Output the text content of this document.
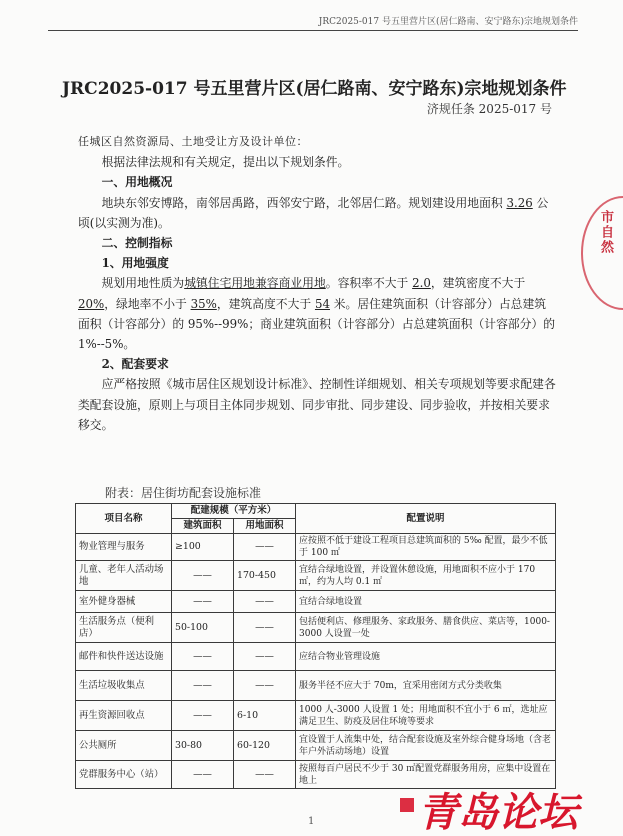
JRC2025-017 号五里营片区(居仁路南、安宁路东)宗地规划条件
JRC2025-017 号五里营片区(居仁路南、安宁路东)宗地规划条件
济规任条 2025-017 号

任城区自然资源局、土地受让方及设计单位：

根据法律法规和有关规定，提出以下规划条件。

一、用地概况

地块东邻安博路，南邻居禹路，西邻安宁路，北邻居仁路。规划建设用地面积 3.26 公顷(以实测为准)。

二、控制指标

1、用地强度

规划用地性质为城镇住宅用地兼容商业用地。容积率不大于 2.0，建筑密度不大于 20%，绿地率不小于 35%，建筑高度不大于 54 米。居住建筑面积（计容部分）占总建筑面积（计容部分）的 95%--99%；商业建筑面积（计容部分）占总建筑面积（计容部分）的 1%--5%。

2、配套要求

应严格按照《城市居住区规划设计标准》、控制性详细规划、相关专项规划等要求配建各类配套设施，原则上与项目主体同步规划、同步审批、同步建设、同步验收，并按相关要求移交。

附表：居住街坊配套设施标准
项目名称	配建规模（平方米）		配置说明
	建筑面积	用地面积	
物业管理与服务	≥100	——	应按照不低于建设工程项目总建筑面积的 5‰ 配置，最少不低于 100 ㎡
儿童、老年人活动场地	——	170-450	宜结合绿地设置，并设置休憩设施，用地面积不应小于 170 ㎡，约为人均 0.1 ㎡
室外健身器械	——	——	宜结合绿地设置
生活服务点（便利店）	50-100	——	包括便利店、修理服务、家政服务、膳食供应、菜店等，1000-3000 人设置一处
邮件和快件送达设施	——	——	应结合物业管理设施
生活垃圾收集点	——	——	服务半径不应大于 70m，宜采用密闭方式分类收集
再生资源回收点	——	6-10	1000 人-3000 人设置 1 处；用地面积不宜小于 6 ㎡，选址应满足卫生、防疫及居住环境等要求
公共厕所	30-80	60-120	宜设置于人流集中处，结合配套设施及室外综合健身场地（含老年户外活动场地）设置
党群服务中心（站）	——	——	按照每百户居民不少于 30 ㎡配置党群服务用房，应集中设置在地上
市自然
1	青岛论坛
